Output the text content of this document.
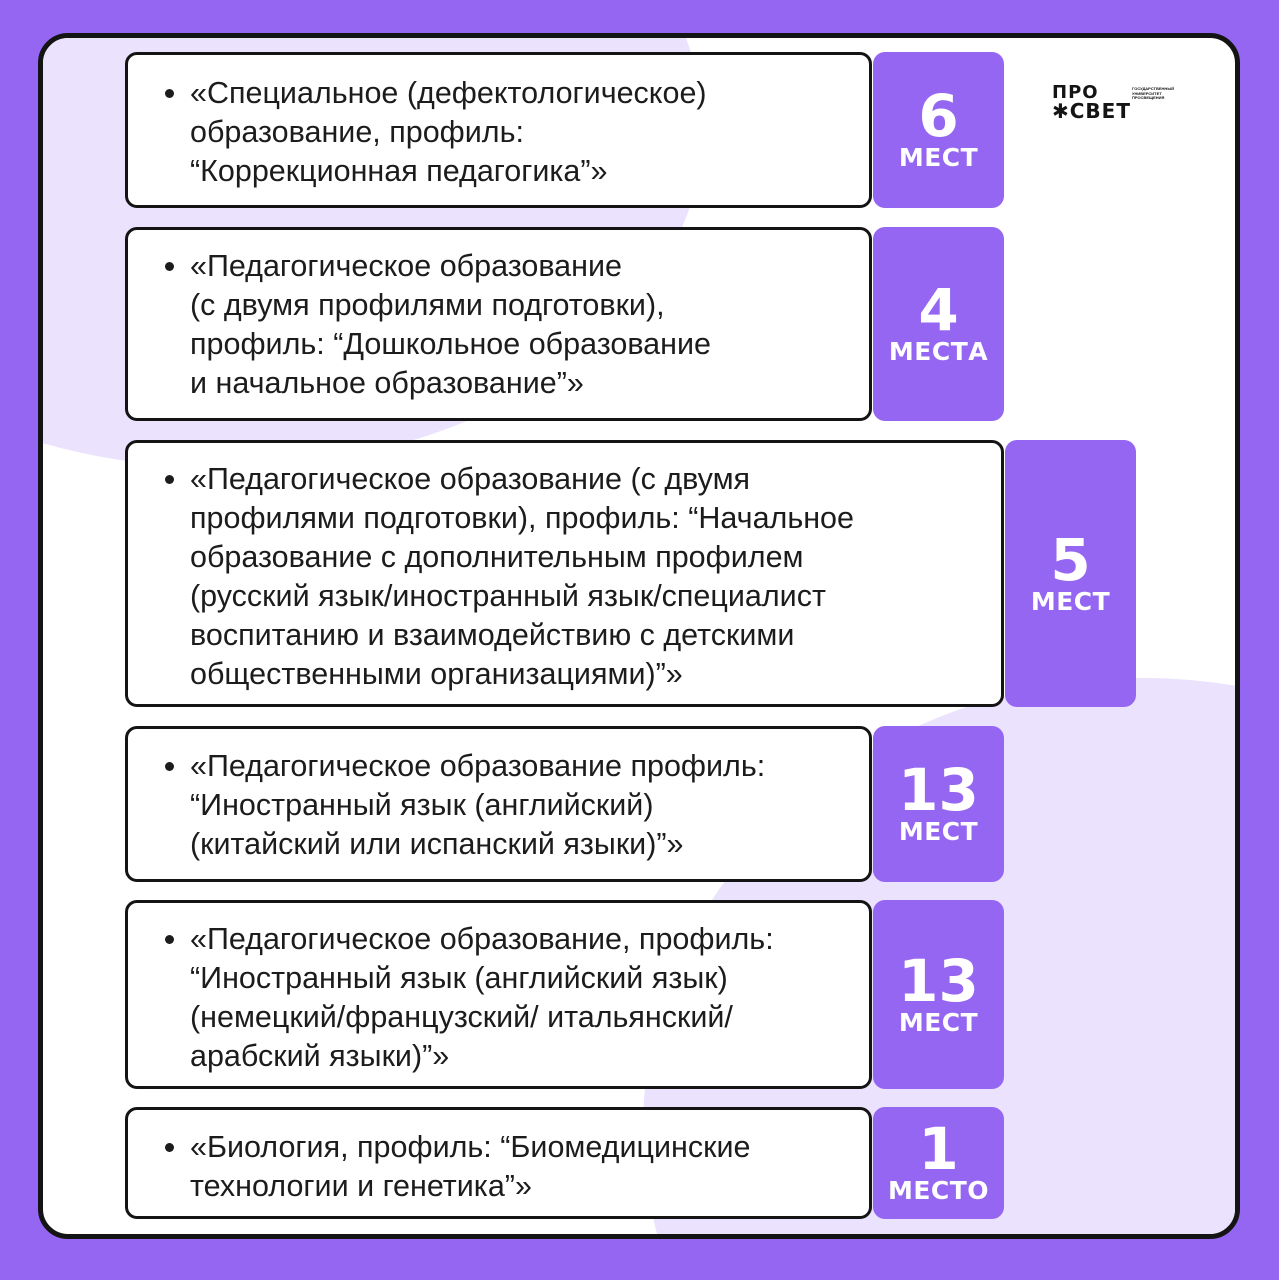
ПРО	ГОСУДАРСТВЕННЫЙ УНИВЕРСИТЕТ ПРОСВЕЩЕНИЯ
✱СВЕТ
• «Специальное (дефектологическое)
образование, профиль:
“Коррекционная педагогика”»
6
МЕСТ
• «Педагогическое образование
(с двумя профилями подготовки),
профиль: “Дошкольное образование
и начальное образование”»
4
МЕСТА
• «Педагогическое образование (с двумя
профилями подготовки), профиль: “Начальное
образование с дополнительным профилем
(русский язык/иностранный язык/специалист
воспитанию и взаимодействию с детскими
общественными организациями)”»
5
МЕСТ
• «Педагогическое образование профиль:
“Иностранный язык (английский)
(китайский или испанский языки)”»
13
МЕСТ
• «Педагогическое образование, профиль:
“Иностранный язык (английский язык)
(немецкий/французский/ итальянский/
арабский языки)”»
13
МЕСТ
• «Биология, профиль: “Биомедицинские
технологии и генетика”»
1
МЕСТО
